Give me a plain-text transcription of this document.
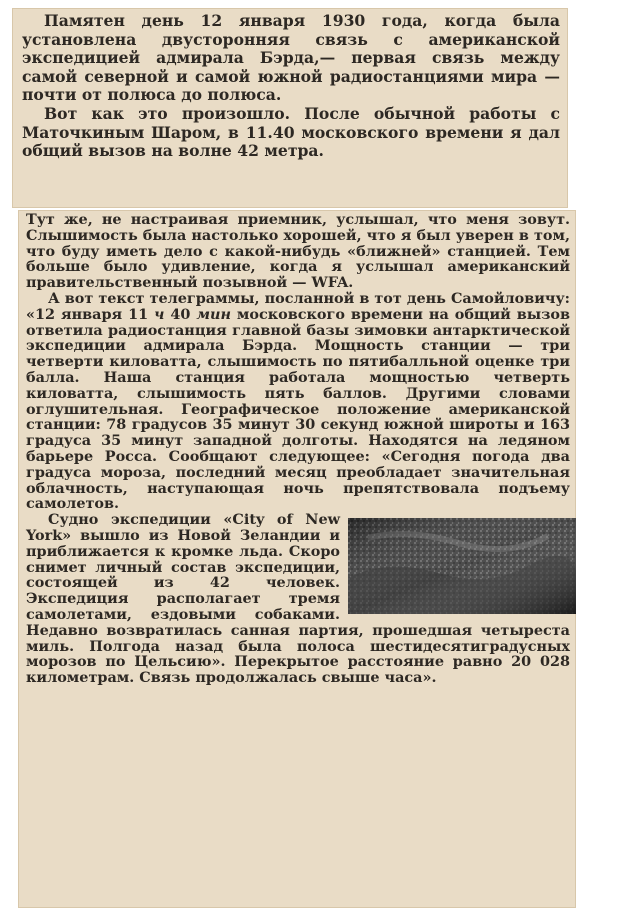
Памятен день 12 января 1930 года, когда была установлена двусторонняя связь с американской экспедицией адмирала Бэрда,— первая связь между самой северной и самой южной радиостанциями мира — почти от полюса до полюса.

Вот как это произошло. После обычной работы с Маточкиным Шаром, в 11.40 московского времени я дал общий вызов на волне 42 метра.

Тут же, не настраивая приемник, услышал, что меня зовут. Слышимость была настолько хорошей, что я был уверен в том, что буду иметь дело с какой-нибудь «ближней» станцией. Тем больше было удивление, когда я услышал американский правительственный позывной — WFA.

А вот текст телеграммы, посланной в тот день Самойловичу: «12 января 11 ч 40 мин московского времени на общий вызов ответила радиостанция главной базы зимовки антарктической экспедиции адмирала Бэрда. Мощность станции — три четверти киловатта, слышимость по пятибалльной оценке три балла. Наша станция работала мощностью четверть киловатта, слышимость пять баллов. Другими словами оглушительная. Географическое положение американской станции: 78 градусов 35 минут 30 секунд южной широты и 163 градуса 35 минут западной долготы. Находятся на ледяном барьере Росса. Сообщают следующее: «Сегодня погода два градуса мороза, последний месяц преобладает значительная облачность, наступающая ночь препятствовала подъему самолетов.

Судно экспедиции «City of New York» вышло из Новой Зеландии и приближается к кромке льда. Скоро снимет личный состав экспедиции, состоящей из 42 человек. Экспедиция располагает тремя самолетами, ездовыми собаками. Недавно возвратилась санная партия, прошедшая четыреста миль. Полгода назад была полоса шестидесятиградусных морозов по Цельсию». Перекрытое расстояние равно 20 028 километрам. Связь продолжалась свыше часа».
